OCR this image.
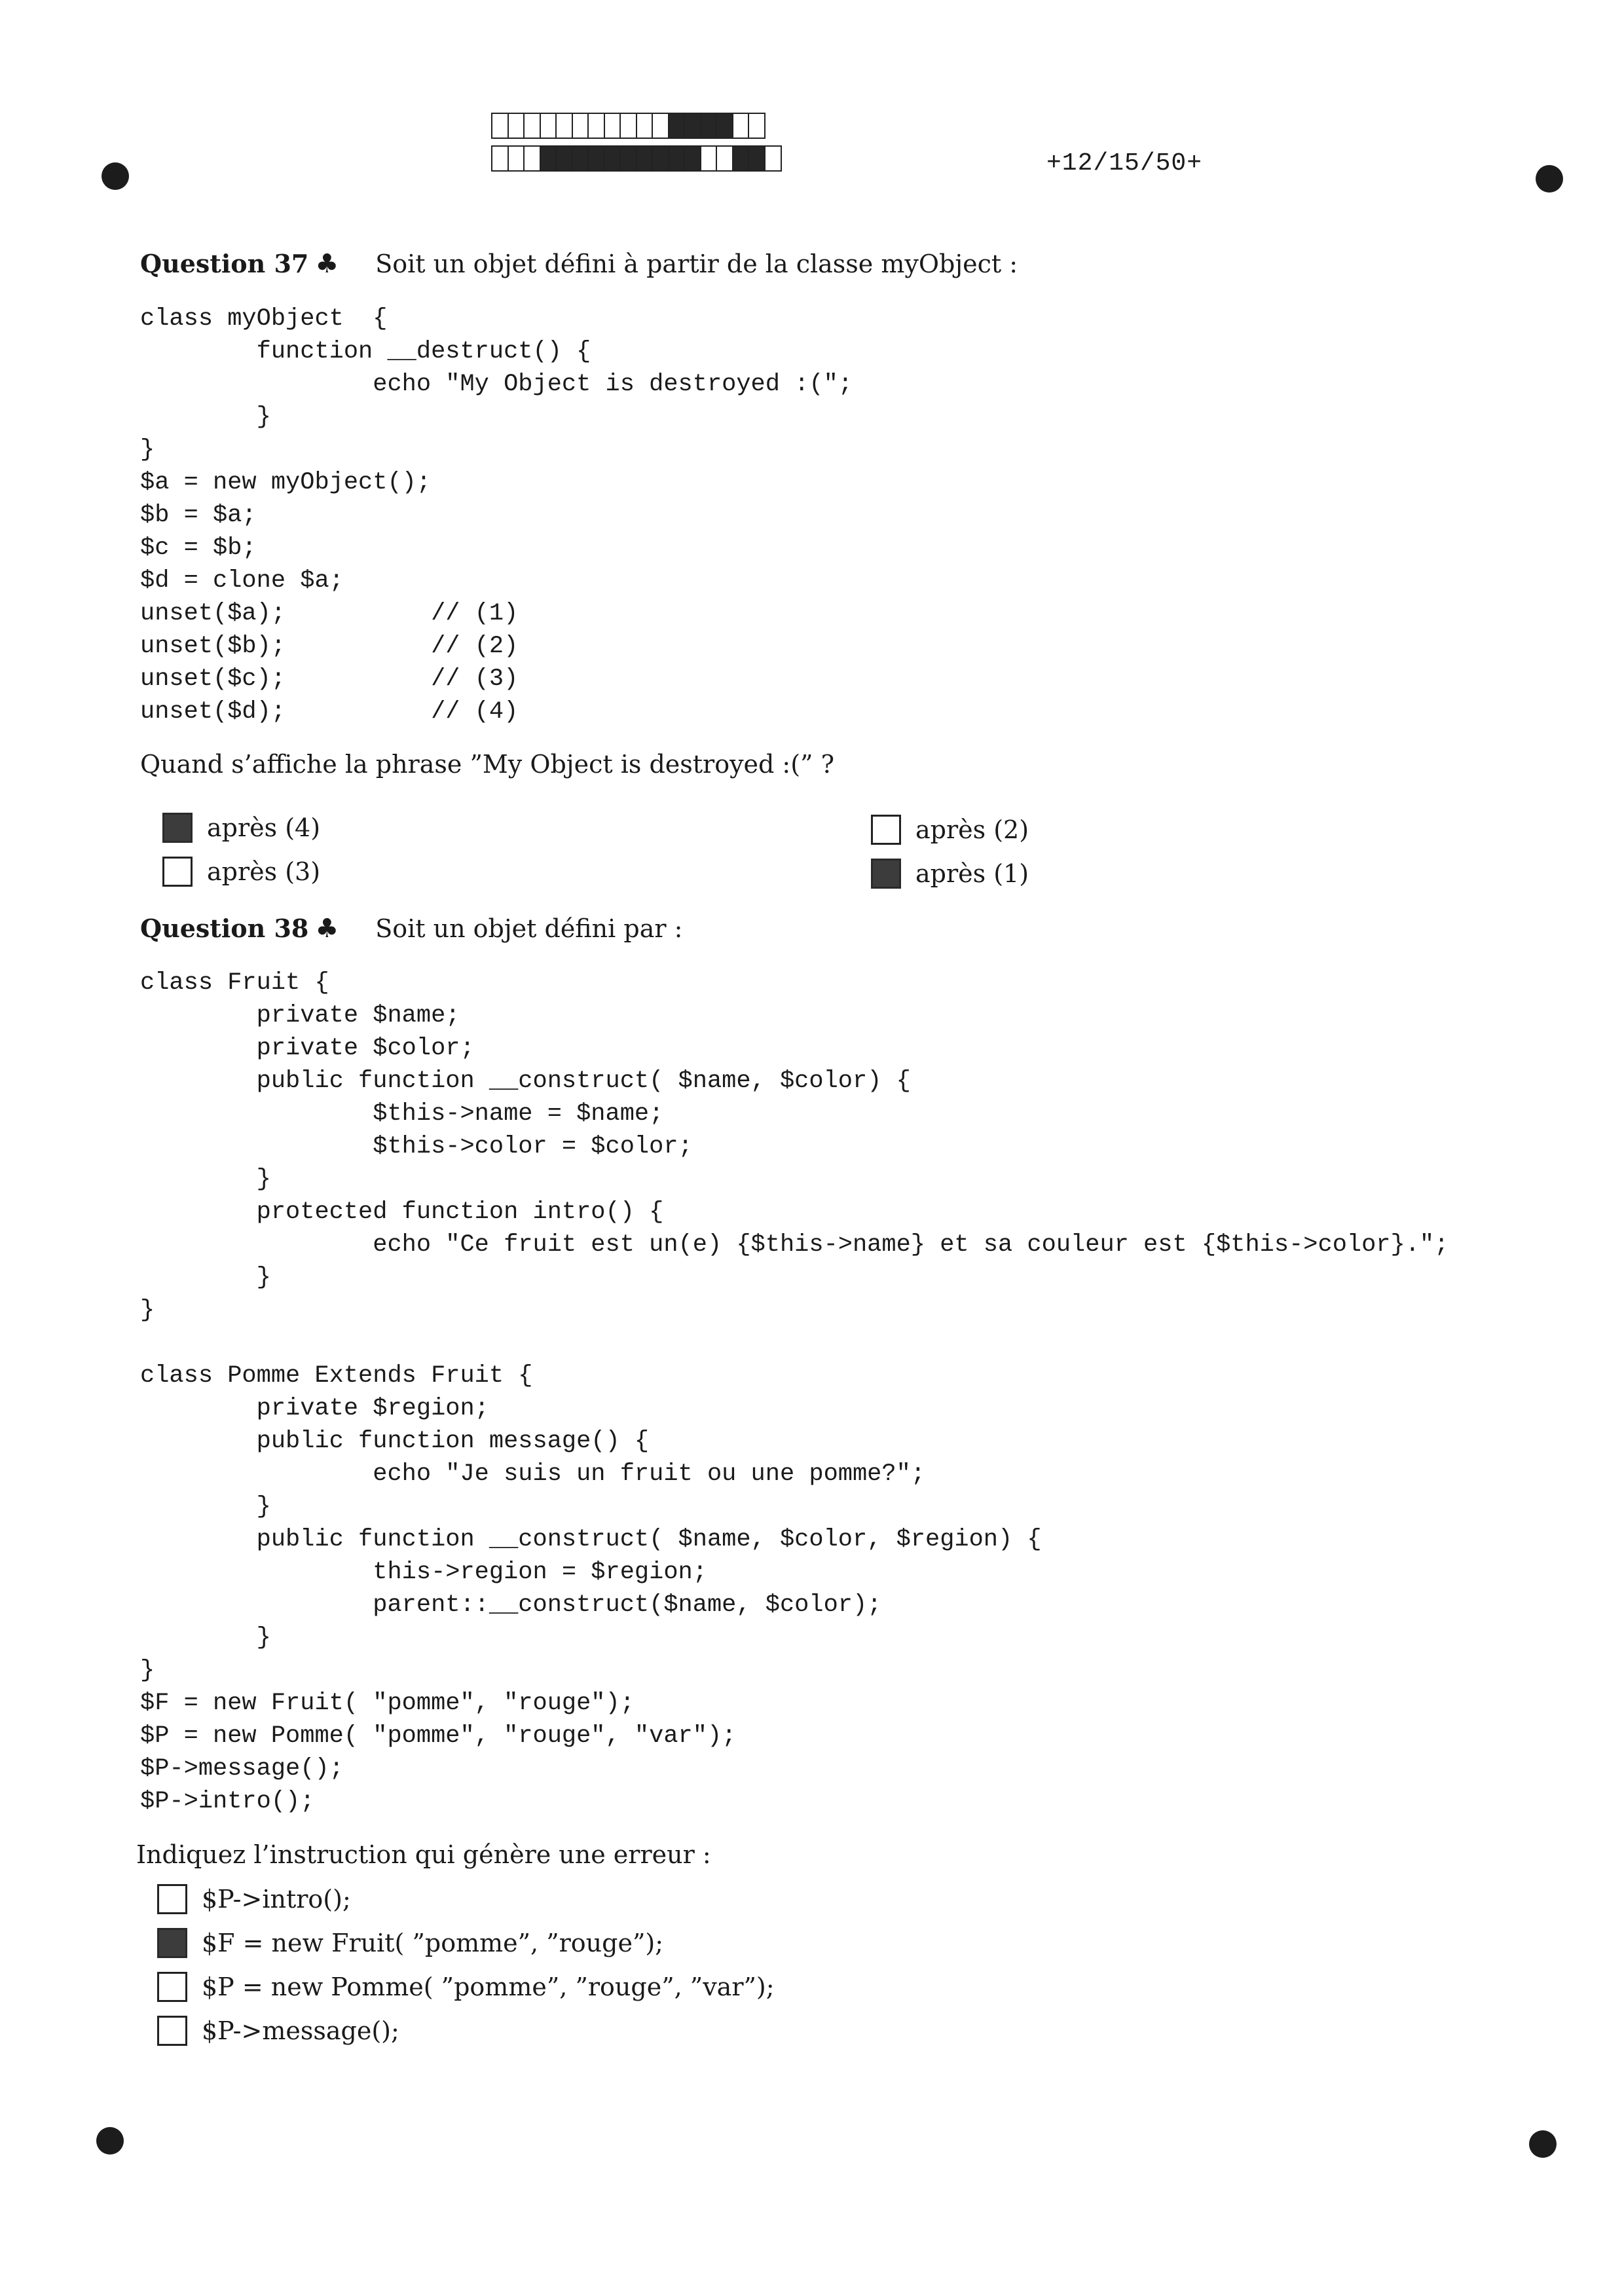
+12/15/50+
Question 37 ♣ Soit un objet défini à partir de la classe myObject :
class myObject  {
function __destruct() {
echo "My Object is destroyed :(";
}
}
$a = new myObject();
$b = $a;
$c = $b;
$d = clone $a;
unset($a);          // (1)
unset($b);          // (2)
unset($c);          // (3)
unset($d);          // (4)
Quand s’affiche la phrase ”My Object is destroyed :(” ?
après (4)	après (2)
après (3)	après (1)
Question 38 ♣ Soit un objet défini par :
class Fruit {
private $name;
private $color;
public function __construct( $name, $color) {
$this->name = $name;
$this->color = $color;
}
protected function intro() {
echo "Ce fruit est un(e) {$this->name} et sa couleur est {$this->color}.";
}
}

class Pomme Extends Fruit {
private $region;
public function message() {
echo "Je suis un fruit ou une pomme?";
}
public function __construct( $name, $color, $region) {
this->region = $region;
parent::__construct($name, $color);
}
}
$F = new Fruit( "pomme", "rouge");
$P = new Pomme( "pomme", "rouge", "var");
$P->message();
$P->intro();
Indiquez l’instruction qui génère une erreur :
$P->intro();
$F = new Fruit( ”pomme”, ”rouge”);
$P = new Pomme( ”pomme”, ”rouge”, ”var”);
$P->message();
